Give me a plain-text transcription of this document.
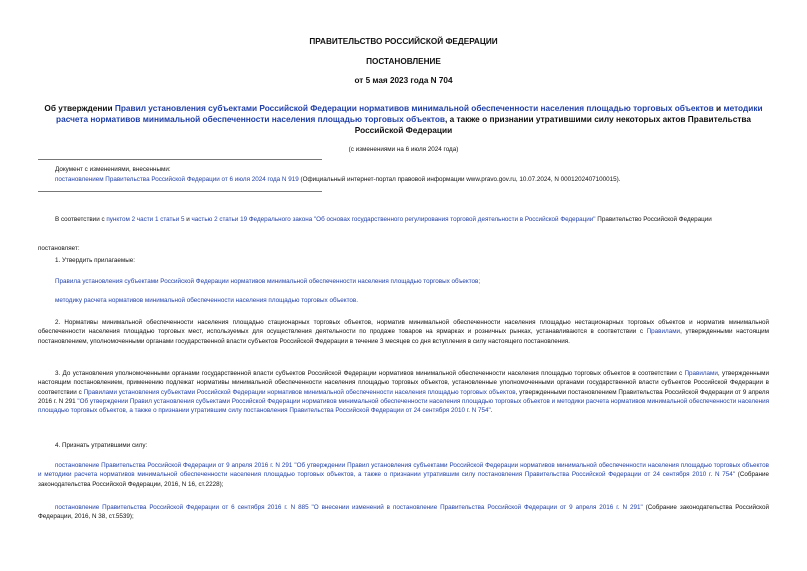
ПРАВИТЕЛЬСТВО РОССИЙСКОЙ ФЕДЕРАЦИИ
ПОСТАНОВЛЕНИЕ
от 5 мая 2023 года N 704
Об утверждении Правил установления субъектами Российской Федерации нормативов минимальной обеспеченности населения площадью торговых объектов и методики расчета нормативов минимальной обеспеченности населения площадью торговых объектов, а также о признании утратившими силу некоторых актов Правительства Российской Федерации
(с изменениями на 6 июля 2024 года)
Документ с изменениями, внесенными:
постановлением Правительства Российской Федерации от 6 июля 2024 года N 919 (Официальный интернет-портал правовой информации www.pravo.gov.ru, 10.07.2024, N 0001202407100015).
В соответствии с пунктом 2 части 1 статьи 5 и частью 2 статьи 19 Федерального закона "Об основах государственного регулирования торговой деятельности в Российской Федерации" Правительство Российской Федерации
постановляет:
1. Утвердить прилагаемые:
Правила установления субъектами Российской Федерации нормативов минимальной обеспеченности населения площадью торговых объектов;
методику расчета нормативов минимальной обеспеченности населения площадью торговых объектов.
2. Нормативы минимальной обеспеченности населения площадью стационарных торговых объектов, норматив минимальной обеспеченности населения площадью нестационарных торговых объектов и норматив минимальной обеспеченности населения площадью торговых мест, используемых для осуществления деятельности по продаже товаров на ярмарках и розничных рынках, устанавливаются в соответствии с Правилами, утвержденными настоящим постановлением, уполномоченными органами государственной власти субъектов Российской Федерации в течение 3 месяцев со дня вступления в силу настоящего постановления.
3. До установления уполномоченными органами государственной власти субъектов Российской Федерации нормативов минимальной обеспеченности населения площадью торговых объектов в соответствии с Правилами, утвержденными настоящим постановлением, применению подлежат нормативы минимальной обеспеченности населения площадью торговых объектов, установленные уполномоченными органами государственной власти субъектов Российской Федерации в соответствии с Правилами установления субъектами Российской Федерации нормативов минимальной обеспеченности населения площадью торговых объектов, утвержденными постановлением Правительства Российской Федерации от 9 апреля 2016 г. N 291 "Об утверждении Правил установления субъектами Российской Федерации нормативов минимальной обеспеченности населения площадью торговых объектов и методики расчета нормативов минимальной обеспеченности населения площадью торговых объектов, а также о признании утратившим силу постановления Правительства Российской Федерации от 24 сентября 2010 г. N 754".
4. Признать утратившими силу:
постановление Правительства Российской Федерации от 9 апреля 2016 г. N 291 "Об утверждении Правил установления субъектами Российской Федерации нормативов минимальной обеспеченности населения площадью торговых объектов и методики расчета нормативов минимальной обеспеченности населения площадью торговых объектов, а также о признании утратившим силу постановления Правительства Российской Федерации от 24 сентября 2010 г. N 754" (Собрание законодательства Российской Федерации, 2016, N 16, ст.2228);
постановление Правительства Российской Федерации от 6 сентября 2016 г. N 885 "О внесении изменений в постановление Правительства Российской Федерации от 9 апреля 2016 г. N 291" (Собрание законодательства Российской Федерации, 2016, N 38, ст.5539);
